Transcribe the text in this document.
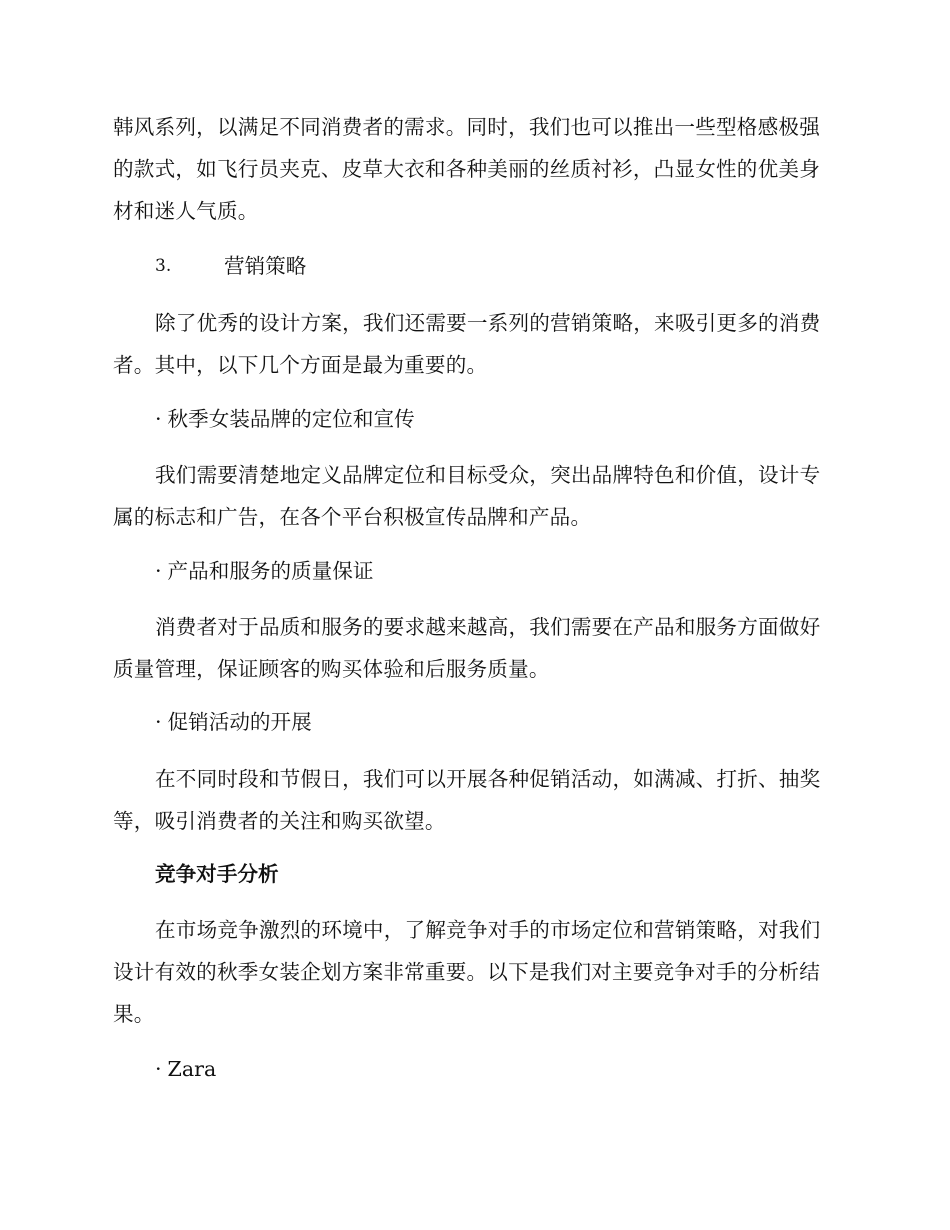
韩风系列，以满足不同消费者的需求。同时，我们也可以推出一些型格感极强的款式，如飞行员夹克、皮草大衣和各种美丽的丝质衬衫，凸显女性的优美身材和迷人气质。

3.	营销策略

除了优秀的设计方案，我们还需要一系列的营销策略，来吸引更多的消费者。其中，以下几个方面是最为重要的。

· 秋季女装品牌的定位和宣传

我们需要清楚地定义品牌定位和目标受众，突出品牌特色和价值，设计专属的标志和广告，在各个平台积极宣传品牌和产品。

· 产品和服务的质量保证

消费者对于品质和服务的要求越来越高，我们需要在产品和服务方面做好质量管理，保证顾客的购买体验和后服务质量。

· 促销活动的开展

在不同时段和节假日，我们可以开展各种促销活动，如满减、打折、抽奖等，吸引消费者的关注和购买欲望。

竞争对手分析

在市场竞争激烈的环境中，了解竞争对手的市场定位和营销策略，对我们设计有效的秋季女装企划方案非常重要。以下是我们对主要竞争对手的分析结果。

· Zara
